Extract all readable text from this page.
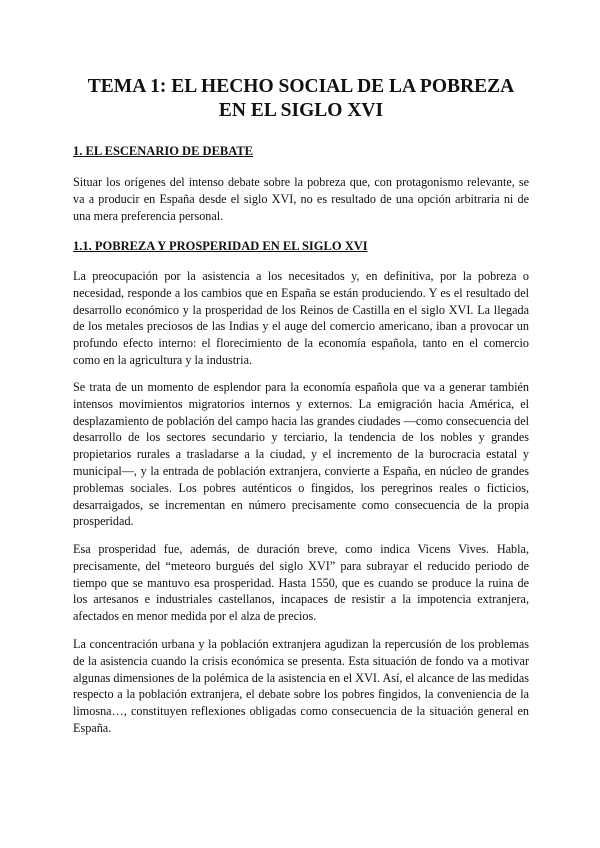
TEMA 1: EL HECHO SOCIAL DE LA POBREZA EN EL SIGLO XVI
1. EL ESCENARIO DE DEBATE

Situar los orígenes del intenso debate sobre la pobreza que, con protagonismo relevante, se va a producir en España desde el siglo XVI, no es resultado de una opción arbitraria ni de una mera preferencia personal.

1.1. POBREZA Y PROSPERIDAD EN EL SIGLO XVI

La preocupación por la asistencia a los necesitados y, en definitiva, por la pobreza o necesidad, responde a los cambios que en España se están produciendo. Y es el resultado del desarrollo económico y la prosperidad de los Reinos de Castilla en el siglo XVI. La llegada de los metales preciosos de las Indias y el auge del comercio americano, iban a provocar un profundo efecto interno: el florecimiento de la economía española, tanto en el comercio como en la agricultura y la industria.

Se trata de un momento de esplendor para la economía española que va a generar también intensos movimientos migratorios internos y externos. La emigración hacia América, el desplazamiento de población del campo hacia las grandes ciudades —como consecuencia del desarrollo de los sectores secundario y terciario, la tendencia de los nobles y grandes propietarios rurales a trasladarse a la ciudad, y el incremento de la burocracia estatal y municipal—, y la entrada de población extranjera, convierte a España, en núcleo de grandes problemas sociales. Los pobres auténticos o fingidos, los peregrinos reales o ficticios, desarraigados, se incrementan en número precisamente como consecuencia de la propia prosperidad.

Esa prosperidad fue, además, de duración breve, como indica Vicens Vives. Habla, precisamente, del “meteoro burgués del siglo XVI” para subrayar el reducido periodo de tiempo que se mantuvo esa prosperidad. Hasta 1550, que es cuando se produce la ruina de los artesanos e industriales castellanos, incapaces de resistir a la impotencia extranjera, afectados en menor medida por el alza de precios.

La concentración urbana y la población extranjera agudizan la repercusión de los problemas de la asistencia cuando la crisis económica se presenta. Esta situación de fondo va a motivar algunas dimensiones de la polémica de la asistencia en el XVI. Así, el alcance de las medidas respecto a la población extranjera, el debate sobre los pobres fingidos, la conveniencia de la limosna…, constituyen reflexiones obligadas como consecuencia de la situación general en España.
